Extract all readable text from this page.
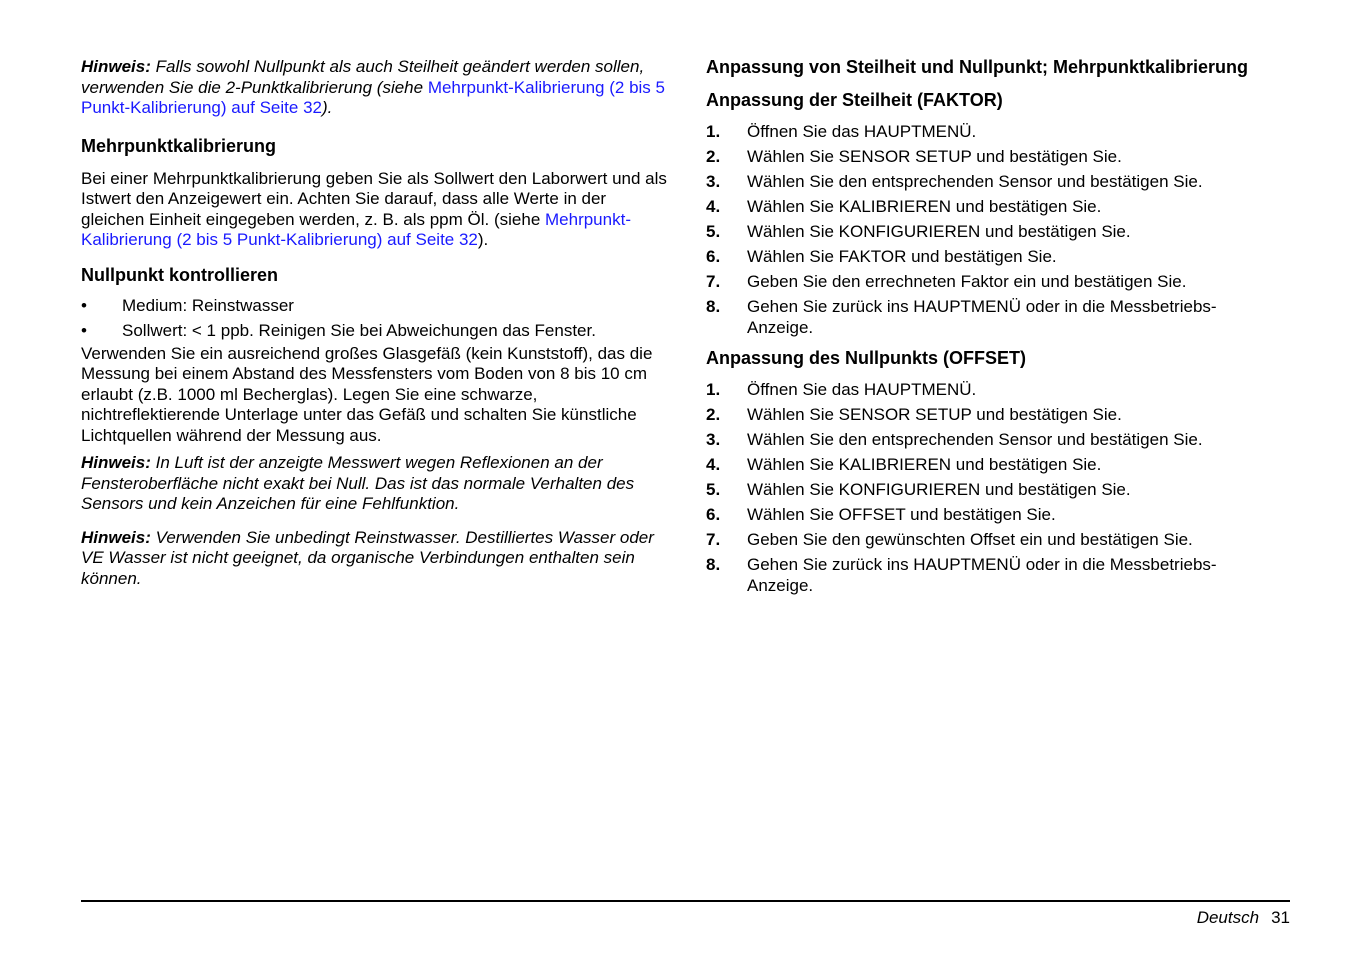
Hinweis: Falls sowohl Nullpunkt als auch Steilheit geändert werden sollen, verwenden Sie die 2-Punktkalibrierung (siehe Mehrpunkt-Kalibrierung (2 bis 5 Punkt-Kalibrierung) auf Seite 32).

Mehrpunktkalibrierung

Bei einer Mehrpunktkalibrierung geben Sie als Sollwert den Laborwert und als Istwert den Anzeigewert ein. Achten Sie darauf, dass alle Werte in der gleichen Einheit eingegeben werden, z. B. als ppm Öl. (siehe Mehrpunkt-Kalibrierung (2 bis 5 Punkt-Kalibrierung) auf Seite 32).

Nullpunkt kontrollieren
• Medium: Reinstwasser
• Sollwert: < 1 ppb. Reinigen Sie bei Abweichungen das Fenster.

Verwenden Sie ein ausreichend großes Glasgefäß (kein Kunststoff), das die Messung bei einem Abstand des Messfensters vom Boden von 8 bis 10 cm erlaubt (z.B. 1000 ml Becherglas). Legen Sie eine schwarze, nichtreflektierende Unterlage unter das Gefäß und schalten Sie künstliche Lichtquellen während der Messung aus.

Hinweis: In Luft ist der anzeigte Messwert wegen Reflexionen an der Fensteroberfläche nicht exakt bei Null. Das ist das normale Verhalten des Sensors und kein Anzeichen für eine Fehlfunktion.

Hinweis: Verwenden Sie unbedingt Reinstwasser. Destilliertes Wasser oder VE Wasser ist nicht geeignet, da organische Verbindungen enthalten sein können.

Anpassung von Steilheit und Nullpunkt; Mehrpunktkalibrierung
Anpassung der Steilheit (FAKTOR)
1. Öffnen Sie das HAUPTMENÜ.
2. Wählen Sie SENSOR SETUP und bestätigen Sie.
3. Wählen Sie den entsprechenden Sensor und bestätigen Sie.
4. Wählen Sie KALIBRIEREN und bestätigen Sie.
5. Wählen Sie KONFIGURIEREN und bestätigen Sie.
6. Wählen Sie FAKTOR und bestätigen Sie.
7. Geben Sie den errechneten Faktor ein und bestätigen Sie.
8. Gehen Sie zurück ins HAUPTMENÜ oder in die Messbetriebs-Anzeige.
Anpassung des Nullpunkts (OFFSET)
1. Öffnen Sie das HAUPTMENÜ.
2. Wählen Sie SENSOR SETUP und bestätigen Sie.
3. Wählen Sie den entsprechenden Sensor und bestätigen Sie.
4. Wählen Sie KALIBRIEREN und bestätigen Sie.
5. Wählen Sie KONFIGURIEREN und bestätigen Sie.
6. Wählen Sie OFFSET und bestätigen Sie.
7. Geben Sie den gewünschten Offset ein und bestätigen Sie.
8. Gehen Sie zurück ins HAUPTMENÜ oder in die Messbetriebs-Anzeige.
Deutsch 31
